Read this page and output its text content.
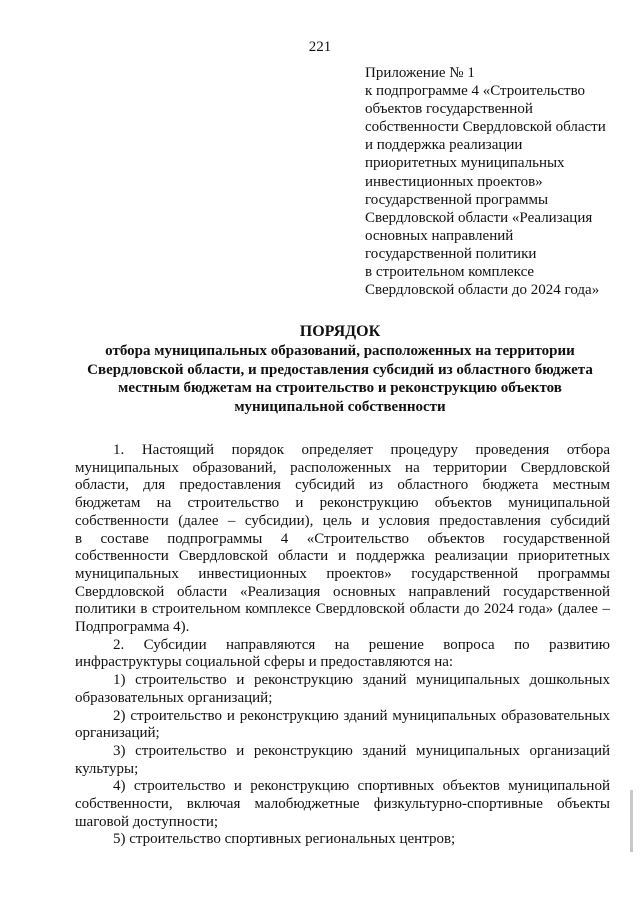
221
Приложение № 1
к подпрограмме 4 «Строительство
объектов государственной
собственности Свердловской области
и поддержка реализации
приоритетных муниципальных
инвестиционных проектов»
государственной программы
Свердловской области «Реализация
основных направлений
государственной политики
в строительном комплексе
Свердловской области до 2024 года»
ПОРЯДОК
отбора муниципальных образований, расположенных на территории
Свердловской области, и предоставления субсидий из областного бюджета
местным бюджетам на строительство и реконструкцию объектов
муниципальной собственности
1. Настоящий порядок определяет процедуру проведения отбора
муниципальных образований, расположенных на территории Свердловской
области, для предоставления субсидий из областного бюджета местным
бюджетам на строительство и реконструкцию объектов муниципальной
собственности (далее – субсидии), цель и условия предоставления субсидий
в составе подпрограммы 4 «Строительство объектов государственной
собственности Свердловской области и поддержка реализации приоритетных
муниципальных инвестиционных проектов» государственной программы
Свердловской области «Реализация основных направлений государственной
политики в строительном комплексе Свердловской области до 2024 года» (далее –
Подпрограмма 4).
2. Субсидии направляются на решение вопроса по развитию
инфраструктуры социальной сферы и предоставляются на:
1) строительство и реконструкцию зданий муниципальных дошкольных
образовательных организаций;
2) строительство и реконструкцию зданий муниципальных образовательных
организаций;
3) строительство и реконструкцию зданий муниципальных организаций
культуры;
4) строительство и реконструкцию спортивных объектов муниципальной
собственности, включая малобюджетные физкультурно-спортивные объекты
шаговой доступности;
5) строительство спортивных региональных центров;
